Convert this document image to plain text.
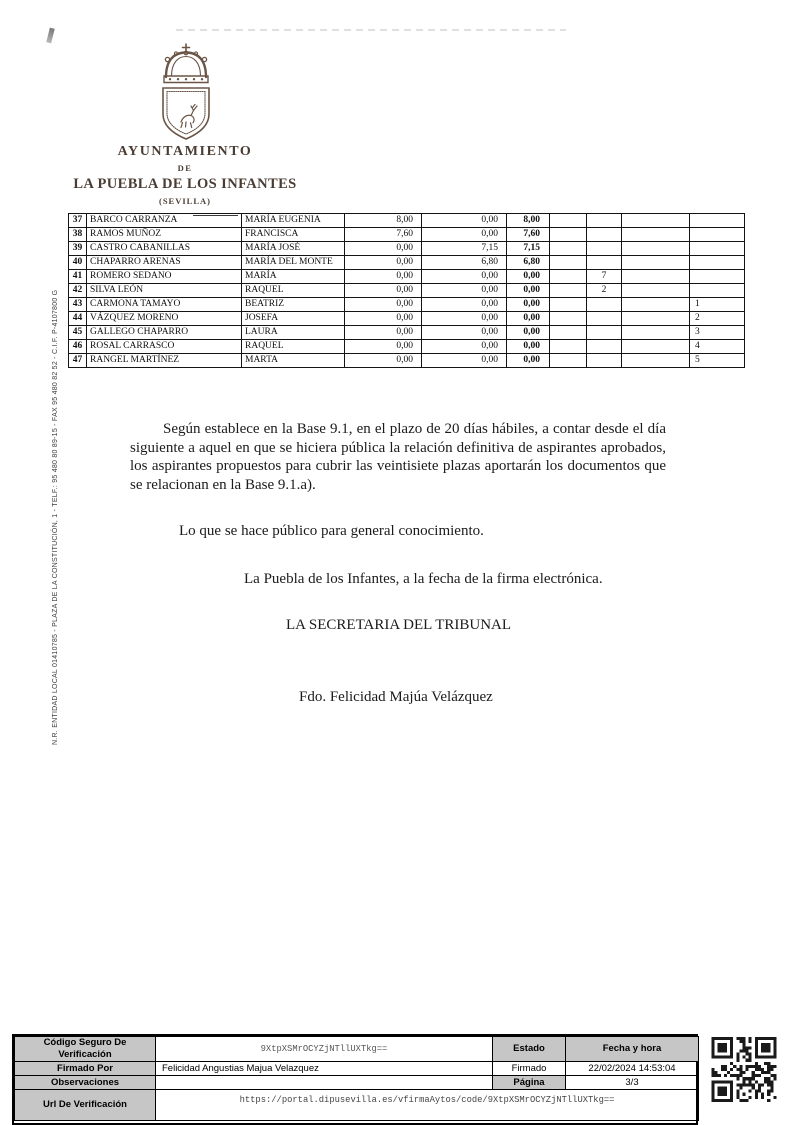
AYUNTAMIENTO
DE
LA PUEBLA DE LOS INFANTES
(SEVILLA)
N.R. ENTIDAD LOCAL 01410785 - PLAZA DE LA CONSTITUCIÓN, 1 - TELF.: 95 480 80 89-15 - FAX 95 480 82 52 - C.I.F. P-4107800 G
37	BARCO CARRANZA	MARÍA EUGENIA	8,00	0,00	8,00				
38	RAMOS MUÑOZ	FRANCISCA	7,60	0,00	7,60				
39	CASTRO CABANILLAS	MARÍA JOSÉ	0,00	7,15	7,15				
40	CHAPARRO ARENAS	MARÍA DEL MONTE	0,00	6,80	6,80				
41	ROMERO SEDANO	MARÍA	0,00	0,00	0,00		7		
42	SILVA LEÓN	RAQUEL	0,00	0,00	0,00		2		
43	CARMONA TAMAYO	BEATRIZ	0,00	0,00	0,00				1
44	VÁZQUEZ MORENO	JOSEFA	0,00	0,00	0,00				2
45	GALLEGO CHAPARRO	LAURA	0,00	0,00	0,00				3
46	ROSAL CARRASCO	RAQUEL	0,00	0,00	0,00				4
47	RANGEL MARTÍNEZ	MARTA	0,00	0,00	0,00				5
Según establece en la Base 9.1, en el plazo de 20 días hábiles, a contar desde el día siguiente a aquel en que se hiciera pública la relación definitiva de aspirantes aprobados, los aspirantes propuestos para cubrir las veintisiete plazas aportarán los documentos que se relacionan en la Base 9.1.a).
Lo que se hace público para general conocimiento.
La Puebla de los Infantes, a la fecha de la firma electrónica.
LA SECRETARIA DEL TRIBUNAL
Fdo. Felicidad Majúa Velázquez
Código Seguro De Verificación	9XtpXSMrOCYZjNTllUXTkg==	Estado	Fecha y hora
Firmado Por	Felicidad Angustias Majua Velazquez	Firmado	22/02/2024 14:53:04
Observaciones		Página	3/3
Url De Verificación	https://portal.dipusevilla.es/vfirmaAytos/code/9XtpXSMrOCYZjNTllUXTkg==		
